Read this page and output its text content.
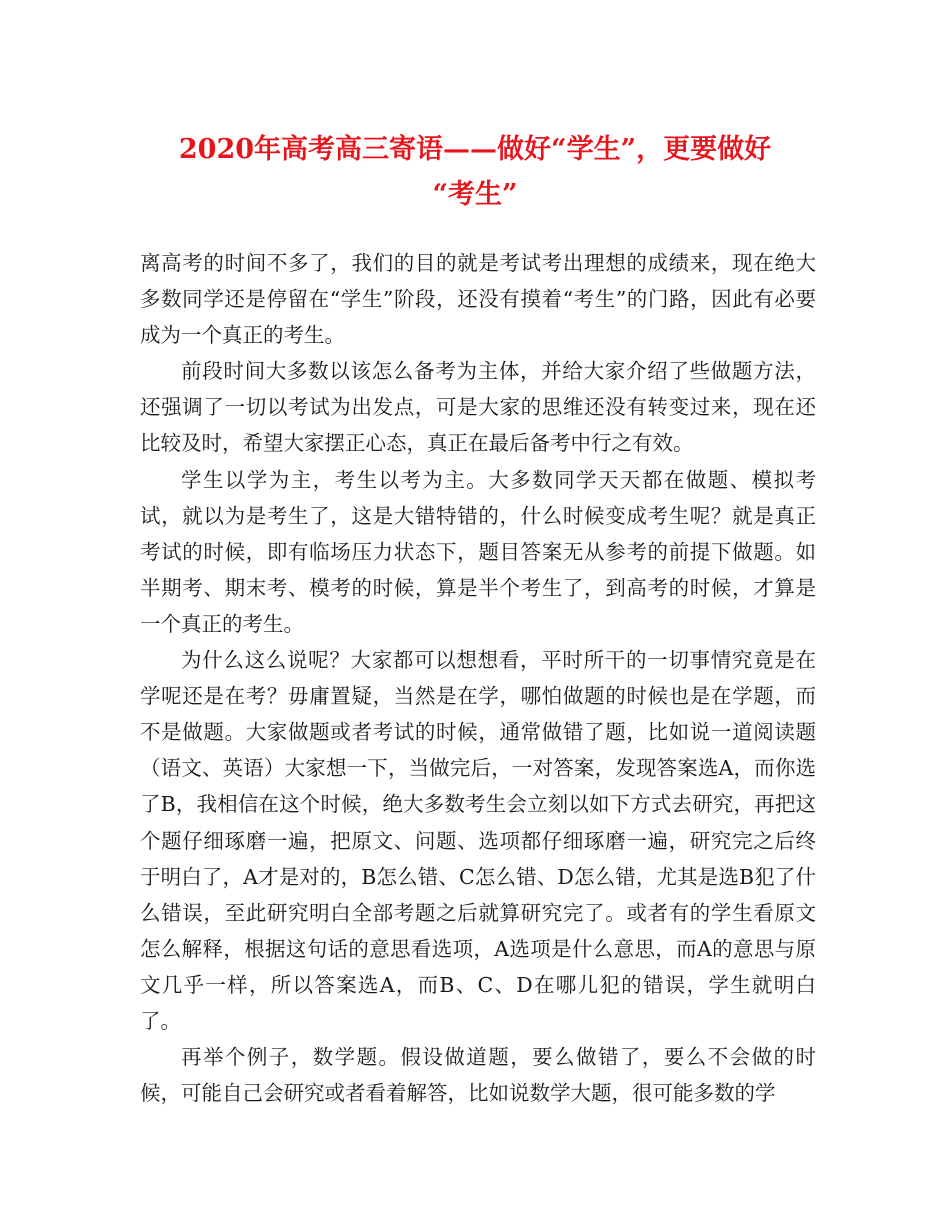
2020年高考高三寄语——做好“学生”，更要做好
“考生”

离高考的时间不多了，我们的目的就是考试考出理想的成绩来，现在绝大多数同学还是停留在“学生”阶段，还没有摸着“考生”的门路，因此有必要成为一个真正的考生。

前段时间大多数以该怎么备考为主体，并给大家介绍了些做题方法，还强调了一切以考试为出发点，可是大家的思维还没有转变过来，现在还比较及时，希望大家摆正心态，真正在最后备考中行之有效。

学生以学为主，考生以考为主。大多数同学天天都在做题、模拟考试，就以为是考生了，这是大错特错的，什么时候变成考生呢？就是真正考试的时候，即有临场压力状态下，题目答案无从参考的前提下做题。如半期考、期末考、模考的时候，算是半个考生了，到高考的时候，才算是一个真正的考生。

为什么这么说呢？大家都可以想想看，平时所干的一切事情究竟是在学呢还是在考？毋庸置疑，当然是在学，哪怕做题的时候也是在学题，而不是做题。大家做题或者考试的时候，通常做错了题，比如说一道阅读题（语文、英语）大家想一下，当做完后，一对答案，发现答案选A，而你选了B，我相信在这个时候，绝大多数考生会立刻以如下方式去研究，再把这个题仔细琢磨一遍，把原文、问题、选项都仔细琢磨一遍，研究完之后终于明白了，A才是对的，B怎么错、C怎么错、D怎么错，尤其是选B犯了什么错误，至此研究明白全部考题之后就算研究完了。或者有的学生看原文怎么解释，根据这句话的意思看选项，A选项是什么意思，而A的意思与原文几乎一样，所以答案选A，而B、C、D在哪儿犯的错误，学生就明白了。

再举个例子，数学题。假设做道题，要么做错了，要么不会做的时候，可能自己会研究或者看着解答，比如说数学大题，很可能多数的学
